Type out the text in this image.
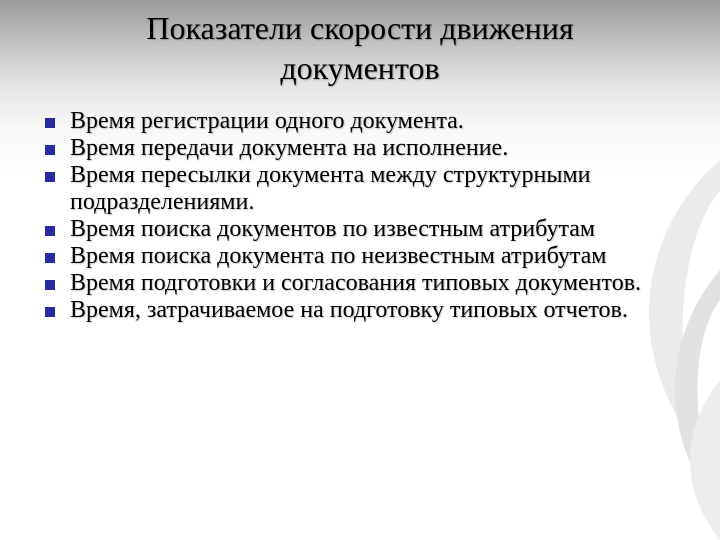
Показатели скорости движения
документов
Время регистрации одного документа.
Время передачи документа на исполнение.
Время пересылки документа между структурными подразделениями.
Время поиска документов по известным атрибутам
Время поиска документа по неизвестным атрибутам
Время подготовки и согласования типовых документов.
Время, затрачиваемое на подготовку типовых отчетов.
